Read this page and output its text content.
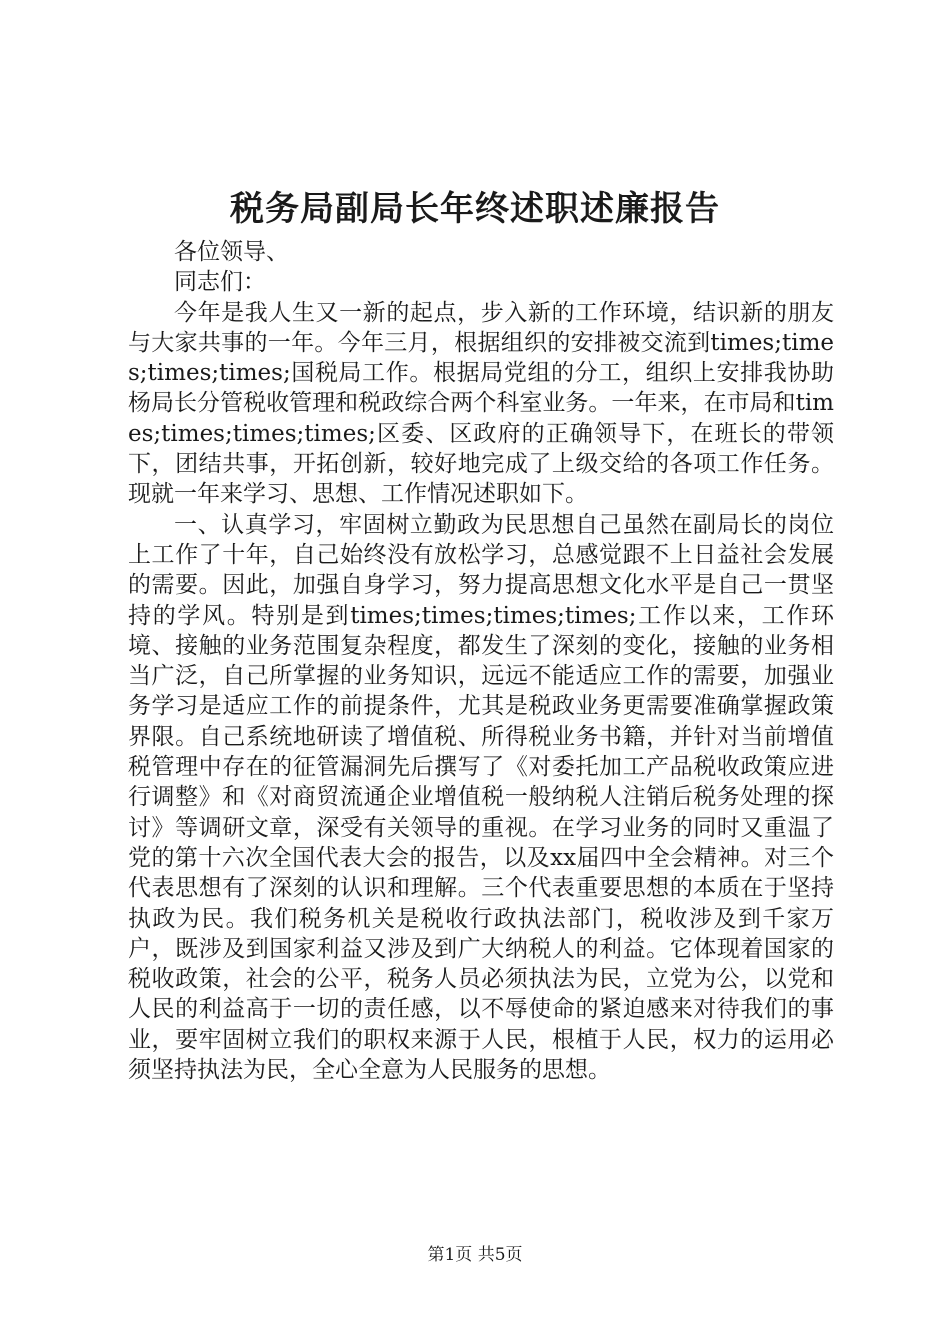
税务局副局长年终述职述廉报告

各位领导、

同志们：

今年是我人生又一新的起点，步入新的工作环境，结识新的朋友与大家共事的一年。今年三月，根据组织的安排被交流到times;times;times;times;国税局工作。根据局党组的分工，组织上安排我协助杨局长分管税收管理和税政综合两个科室业务。一年来，在市局和times;times;times;times;区委、区政府的正确领导下，在班长的带领下，团结共事，开拓创新，较好地完成了上级交给的各项工作任务。现就一年来学习、思想、工作情况述职如下。

一、认真学习，牢固树立勤政为民思想自己虽然在副局长的岗位上工作了十年，自己始终没有放松学习，总感觉跟不上日益社会发展的需要。因此，加强自身学习，努力提高思想文化水平是自己一贯坚持的学风。特别是到times;times;times;times;工作以来，工作环境、接触的业务范围复杂程度，都发生了深刻的变化，接触的业务相当广泛，自己所掌握的业务知识，远远不能适应工作的需要，加强业务学习是适应工作的前提条件，尤其是税政业务更需要准确掌握政策界限。自己系统地研读了增值税、所得税业务书籍，并针对当前增值税管理中存在的征管漏洞先后撰写了《对委托加工产品税收政策应进行调整》和《对商贸流通企业增值税一般纳税人注销后税务处理的探讨》等调研文章，深受有关领导的重视。在学习业务的同时又重温了党的第十六次全国代表大会的报告，以及xx届四中全会精神。对三个代表思想有了深刻的认识和理解。三个代表重要思想的本质在于坚持执政为民。我们税务机关是税收行政执法部门，税收涉及到千家万户，既涉及到国家利益又涉及到广大纳税人的利益。它体现着国家的税收政策，社会的公平，税务人员必须执法为民，立党为公，以党和人民的利益高于一切的责任感，以不辱使命的紧迫感来对待我们的事业，要牢固树立我们的职权来源于人民，根植于人民，权力的运用必须坚持执法为民，全心全意为人民服务的思想。

第1页 共5页
